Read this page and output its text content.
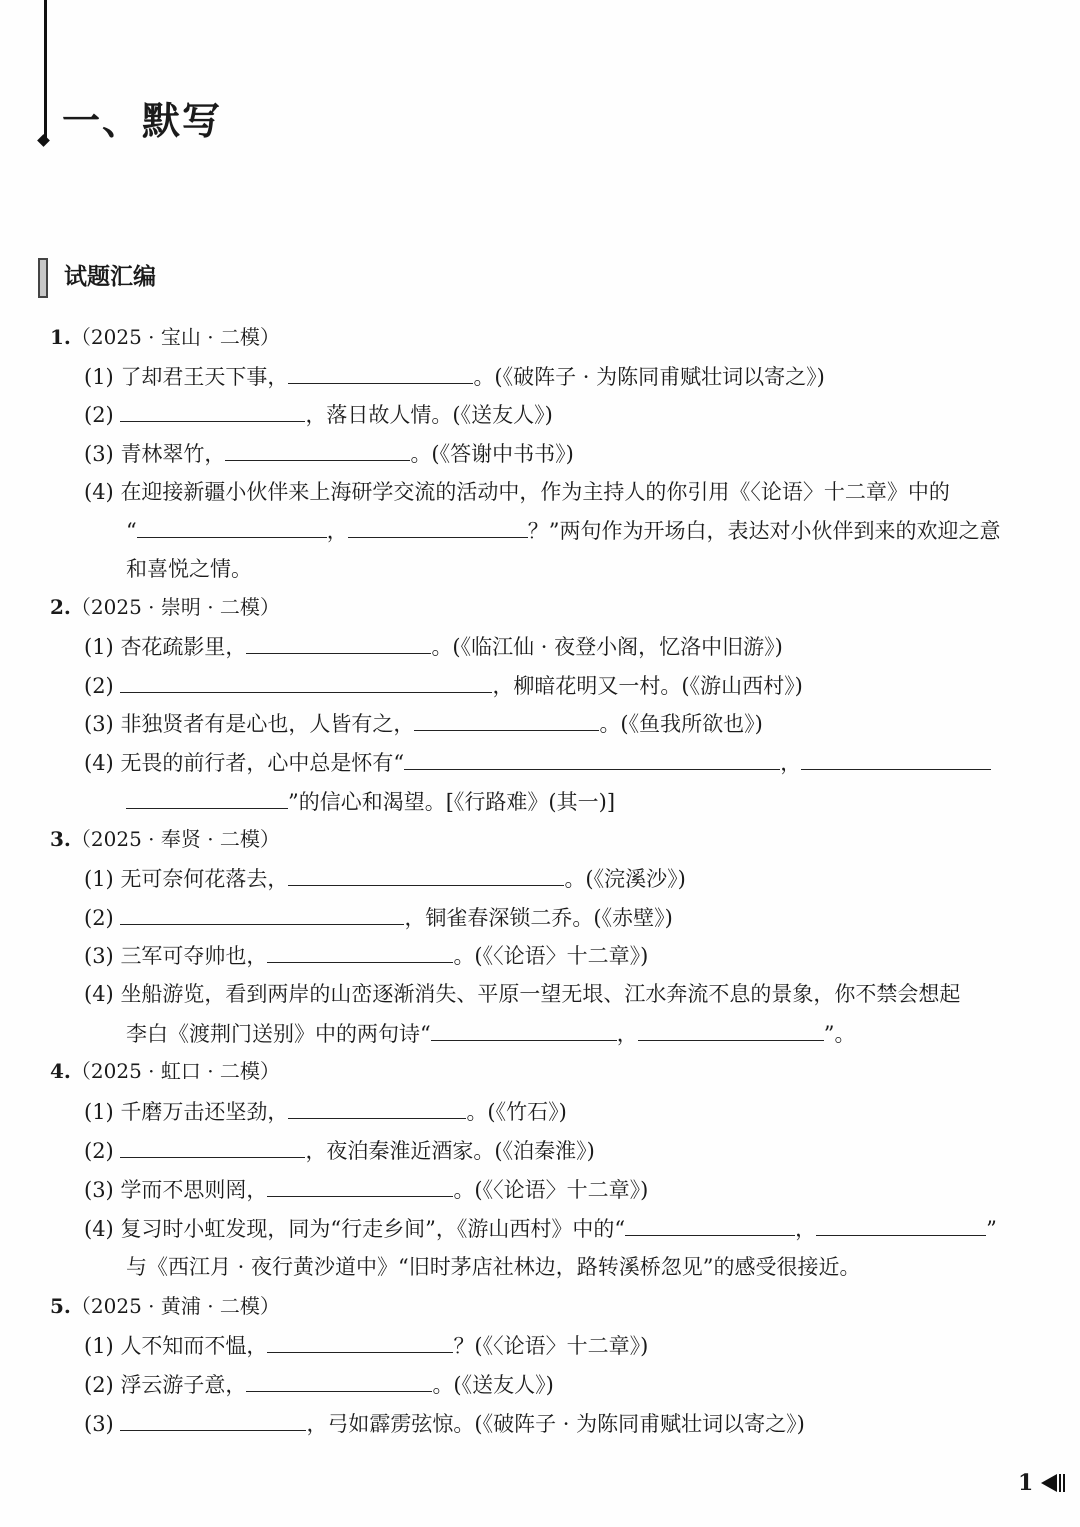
一、默写
试题汇编
1.（2025 · 宝山 · 二模）
(1) 了却君王天下事，	。(《破阵子 · 为陈同甫赋壮词以寄之》)
(2)	，落日故人情。(《送友人》)
(3) 青林翠竹，	。(《答谢中书书》)
(4) 在迎接新疆小伙伴来上海研学交流的活动中，作为主持人的你引用《〈论语〉十二章》中的
“	，	？”两句作为开场白，表达对小伙伴到来的欢迎之意
和喜悦之情。
2.（2025 · 崇明 · 二模）
(1) 杏花疏影里，	。(《临江仙 · 夜登小阁，忆洛中旧游》)
(2)	，柳暗花明又一村。(《游山西村》)
(3) 非独贤者有是心也，人皆有之，	。(《鱼我所欲也》)
(4) 无畏的前行者，心中总是怀有“	，
”的信心和渴望。[《行路难》(其一)]
3.（2025 · 奉贤 · 二模）
(1) 无可奈何花落去，	。(《浣溪沙》)
(2)	，铜雀春深锁二乔。(《赤壁》)
(3) 三军可夺帅也，	。(《〈论语〉十二章》)
(4) 坐船游览，看到两岸的山峦逐渐消失、平原一望无垠、江水奔流不息的景象，你不禁会想起
李白《渡荆门送别》中的两句诗“	，	”。
4.（2025 · 虹口 · 二模）
(1) 千磨万击还坚劲，	。(《竹石》)
(2)	，夜泊秦淮近酒家。(《泊秦淮》)
(3) 学而不思则罔，	。(《〈论语〉十二章》)
(4) 复习时小虹发现，同为“行走乡间”，《游山西村》中的“	，	”
与《西江月 · 夜行黄沙道中》“旧时茅店社林边，路转溪桥忽见”的感受很接近。
5.（2025 · 黄浦 · 二模）
(1) 人不知而不愠，	？(《〈论语〉十二章》)
(2) 浮云游子意，	。(《送友人》)
(3)	，弓如霹雳弦惊。(《破阵子 · 为陈同甫赋壮词以寄之》)
1
